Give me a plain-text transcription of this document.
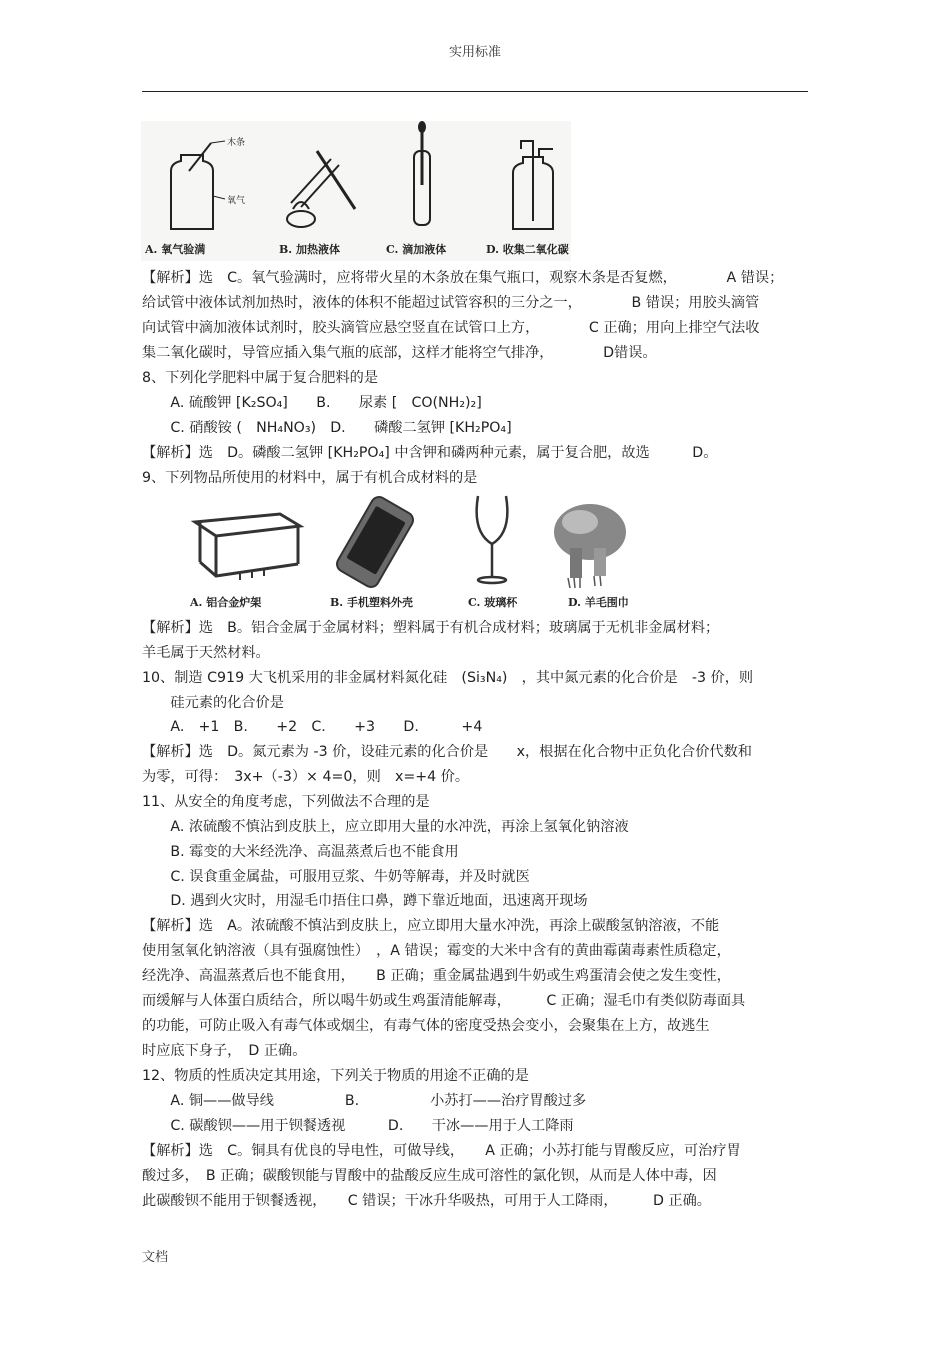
实用标准
木条
氧气
A. 氧气验满	B. 加热液体	C. 滴加液体	D. 收集二氧化碳
【解析】选　C。氧气验满时，应将带火星的木条放在集气瓶口，观察木条是否复燃，　　　　A 错误；
给试管中液体试剂加热时，液体的体积不能超过试管容积的三分之一，　　　　B 错误；用胶头滴管
向试管中滴加液体试剂时，胶头滴管应悬空竖直在试管口上方，　　　　C 正确；用向上排空气法收
集二氧化碳时，导管应插入集气瓶的底部，这样才能将空气排净，　　　　D错误。
8、下列化学肥料中属于复合肥料的是
　　A. 硫酸钾 [K₂SO₄]　　B.　　尿素 [　CO(NH₂)₂]
　　C. 硝酸铵 (　NH₄NO₃)　D.　　磷酸二氢钾 [KH₂PO₄]
【解析】选　D。磷酸二氢钾 [KH₂PO₄] 中含钾和磷两种元素，属于复合肥，故选　　　D。
9、下列物品所使用的材料中，属于有机合成材料的是
A. 铝合金炉架	B. 手机塑料外壳	C. 玻璃杯	D. 羊毛围巾
【解析】选　B。铝合金属于金属材料；塑料属于有机合成材料；玻璃属于无机非金属材料；
羊毛属于天然材料。
10、制造 C919 大飞机采用的非金属材料氮化硅　(Si₃N₄)　，其中氮元素的化合价是　-3 价，则
　　硅元素的化合价是
　　A.　+1　B.　　+2　C.　　+3　　D.　　　+4
【解析】选　D。氮元素为 -3 价，设硅元素的化合价是　　x，根据在化合物中正负化合价代数和
为零，可得：　3x+（-3）× 4=0，则　x=+4 价。
11、从安全的角度考虑，下列做法不合理的是
　　A. 浓硫酸不慎沾到皮肤上，应立即用大量的水冲洗，再涂上氢氧化钠溶液
　　B. 霉变的大米经洗净、高温蒸煮后也不能食用
　　C. 误食重金属盐，可服用豆浆、牛奶等解毒，并及时就医
　　D. 遇到火灾时，用湿毛巾捂住口鼻，蹲下靠近地面，迅速离开现场
【解析】选　A。浓硫酸不慎沾到皮肤上，应立即用大量水冲洗，再涂上碳酸氢钠溶液，不能
使用氢氧化钠溶液（具有强腐蚀性）　，A 错误；霉变的大米中含有的黄曲霉菌毒素性质稳定，
经洗净、高温蒸煮后也不能食用，　　B 正确；重金属盐遇到牛奶或生鸡蛋清会使之发生变性，
而缓解与人体蛋白质结合，所以喝牛奶或生鸡蛋清能解毒，　　　C 正确；湿毛巾有类似防毒面具
的功能，可防止吸入有毒气体或烟尘，有毒气体的密度受热会变小，会聚集在上方，故逃生
时应底下身子，　D 正确。
12、物质的性质决定其用途，下列关于物质的用途不正确的是
　　A. 铜——做导线　　　　　B.　　　　　小苏打——治疗胃酸过多
　　C. 碳酸钡——用于钡餐透视　　　D.　　干冰——用于人工降雨
【解析】选　C。铜具有优良的导电性，可做导线，　　A 正确；小苏打能与胃酸反应，可治疗胃
酸过多，　B 正确；碳酸钡能与胃酸中的盐酸反应生成可溶性的氯化钡，从而是人体中毒，因
此碳酸钡不能用于钡餐透视，　　C 错误；干冰升华吸热，可用于人工降雨，　　　D 正确。
文档
